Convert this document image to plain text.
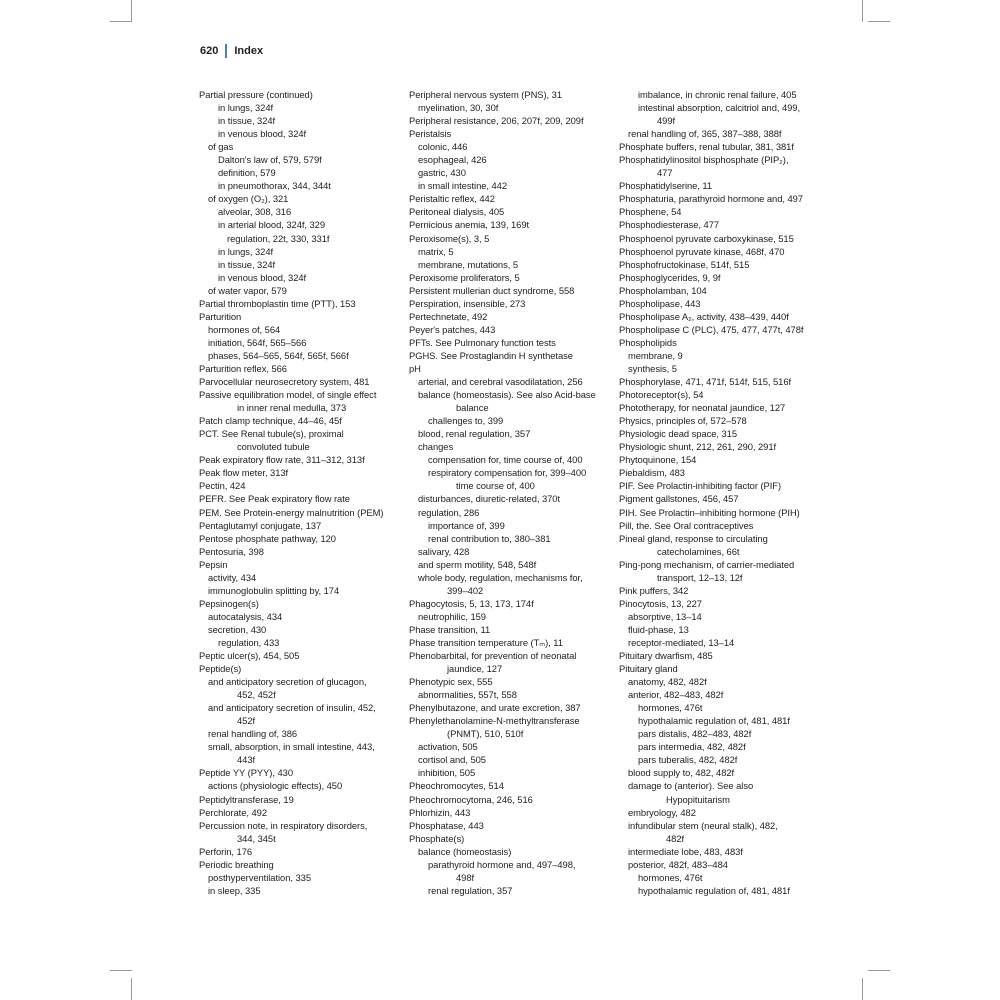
620 Index
Partial pressure (continued)
in lungs, 324f
in tissue, 324f
in venous blood, 324f
of gas
Dalton's law of, 579, 579f
definition, 579
in pneumothorax, 344, 344t
of oxygen (O₂), 321
alveolar, 308, 316
in arterial blood, 324f, 329
regulation, 22t, 330, 331f
in lungs, 324f
in tissue, 324f
in venous blood, 324f
of water vapor, 579
Partial thromboplastin time (PTT), 153
Parturition
hormones of, 564
initiation, 564f, 565–566
phases, 564–565, 564f, 565f, 566f
Parturition reflex, 566
Parvocellular neurosecretory system, 481
Passive equilibration model, of single effect
in inner renal medulla, 373
Patch clamp technique, 44–46, 45f
PCT. See Renal tubule(s), proximal
convoluted tubule
Peak expiratory flow rate, 311–312, 313f
Peak flow meter, 313f
Pectin, 424
PEFR. See Peak expiratory flow rate
PEM. See Protein-energy malnutrition (PEM)
Pentaglutamyl conjugate, 137
Pentose phosphate pathway, 120
Pentosuria, 398
Pepsin
activity, 434
immunoglobulin splitting by, 174
Pepsinogen(s)
autocatalysis, 434
secretion, 430
regulation, 433
Peptic ulcer(s), 454, 505
Peptide(s)
and anticipatory secretion of glucagon,
452, 452f
and anticipatory secretion of insulin, 452,
452f
renal handling of, 386
small, absorption, in small intestine, 443,
443f
Peptide YY (PYY), 430
actions (physiologic effects), 450
Peptidyltransferase, 19
Perchlorate, 492
Percussion note, in respiratory disorders,
344, 345t
Perforin, 176
Periodic breathing
posthyperventilation, 335
in sleep, 335
Peripheral nervous system (PNS), 31
myelination, 30, 30f
Peripheral resistance, 206, 207f, 209, 209f
Peristalsis
colonic, 446
esophageal, 426
gastric, 430
in small intestine, 442
Peristaltic reflex, 442
Peritoneal dialysis, 405
Pernicious anemia, 139, 169t
Peroxisome(s), 3, 5
matrix, 5
membrane, mutations, 5
Peroxisome proliferators, 5
Persistent mullerian duct syndrome, 558
Perspiration, insensible, 273
Pertechnetate, 492
Peyer's patches, 443
PFTs. See Pulmonary function tests
PGHS. See Prostaglandin H synthetase
pH
arterial, and cerebral vasodilatation, 256
balance (homeostasis). See also Acid-base
balance
challenges to, 399
blood, renal regulation, 357
changes
compensation for, time course of, 400
respiratory compensation for, 399–400
time course of, 400
disturbances, diuretic-related, 370t
regulation, 286
importance of, 399
renal contribution to, 380–381
salivary, 428
and sperm motility, 548, 548f
whole body, regulation, mechanisms for,
399–402
Phagocytosis, 5, 13, 173, 174f
neutrophilic, 159
Phase transition, 11
Phase transition temperature (Tₘ), 11
Phenobarbital, for prevention of neonatal
jaundice, 127
Phenotypic sex, 555
abnormalities, 557t, 558
Phenylbutazone, and urate excretion, 387
Phenylethanolamine-N-methyltransferase
(PNMT), 510, 510f
activation, 505
cortisol and, 505
inhibition, 505
Pheochromocytes, 514
Pheochromocytoma, 246, 516
Phlorhizin, 443
Phosphatase, 443
Phosphate(s)
balance (homeostasis)
parathyroid hormone and, 497–498,
498f
renal regulation, 357
imbalance, in chronic renal failure, 405
intestinal absorption, calcitriol and, 499,
499f
renal handling of, 365, 387–388, 388f
Phosphate buffers, renal tubular, 381, 381f
Phosphatidylinositol bisphosphate (PIP₂),
477
Phosphatidylserine, 11
Phosphaturia, parathyroid hormone and, 497
Phosphene, 54
Phosphodiesterase, 477
Phosphoenol pyruvate carboxykinase, 515
Phosphoenol pyruvate kinase, 468f, 470
Phosphofructokinase, 514f, 515
Phosphoglycerides, 9, 9f
Phospholamban, 104
Phospholipase, 443
Phospholipase A₂, activity, 438–439, 440f
Phospholipase C (PLC), 475, 477, 477t, 478f
Phospholipids
membrane, 9
synthesis, 5
Phosphorylase, 471, 471f, 514f, 515, 516f
Photoreceptor(s), 54
Phototherapy, for neonatal jaundice, 127
Physics, principles of, 572–578
Physiologic dead space, 315
Physiologic shunt, 212, 261, 290, 291f
Phytoquinone, 154
Piebaldism, 483
PIF. See Prolactin-inhibiting factor (PIF)
Pigment gallstones, 456, 457
PIH. See Prolactin–inhibiting hormone (PIH)
Pill, the. See Oral contraceptives
Pineal gland, response to circulating
catecholamines, 66t
Ping-pong mechanism, of carrier-mediated
transport, 12–13, 12f
Pink puffers, 342
Pinocytosis, 13, 227
absorptive, 13–14
fluid-phase, 13
receptor-mediated, 13–14
Pituitary dwarfism, 485
Pituitary gland
anatomy, 482, 482f
anterior, 482–483, 482f
hormones, 476t
hypothalamic regulation of, 481, 481f
pars distalis, 482–483, 482f
pars intermedia, 482, 482f
pars tuberalis, 482, 482f
blood supply to, 482, 482f
damage to (anterior). See also
Hypopituitarism
embryology, 482
infundibular stem (neural stalk), 482,
482f
intermediate lobe, 483, 483f
posterior, 482f, 483–484
hormones, 476t
hypothalamic regulation of, 481, 481f
